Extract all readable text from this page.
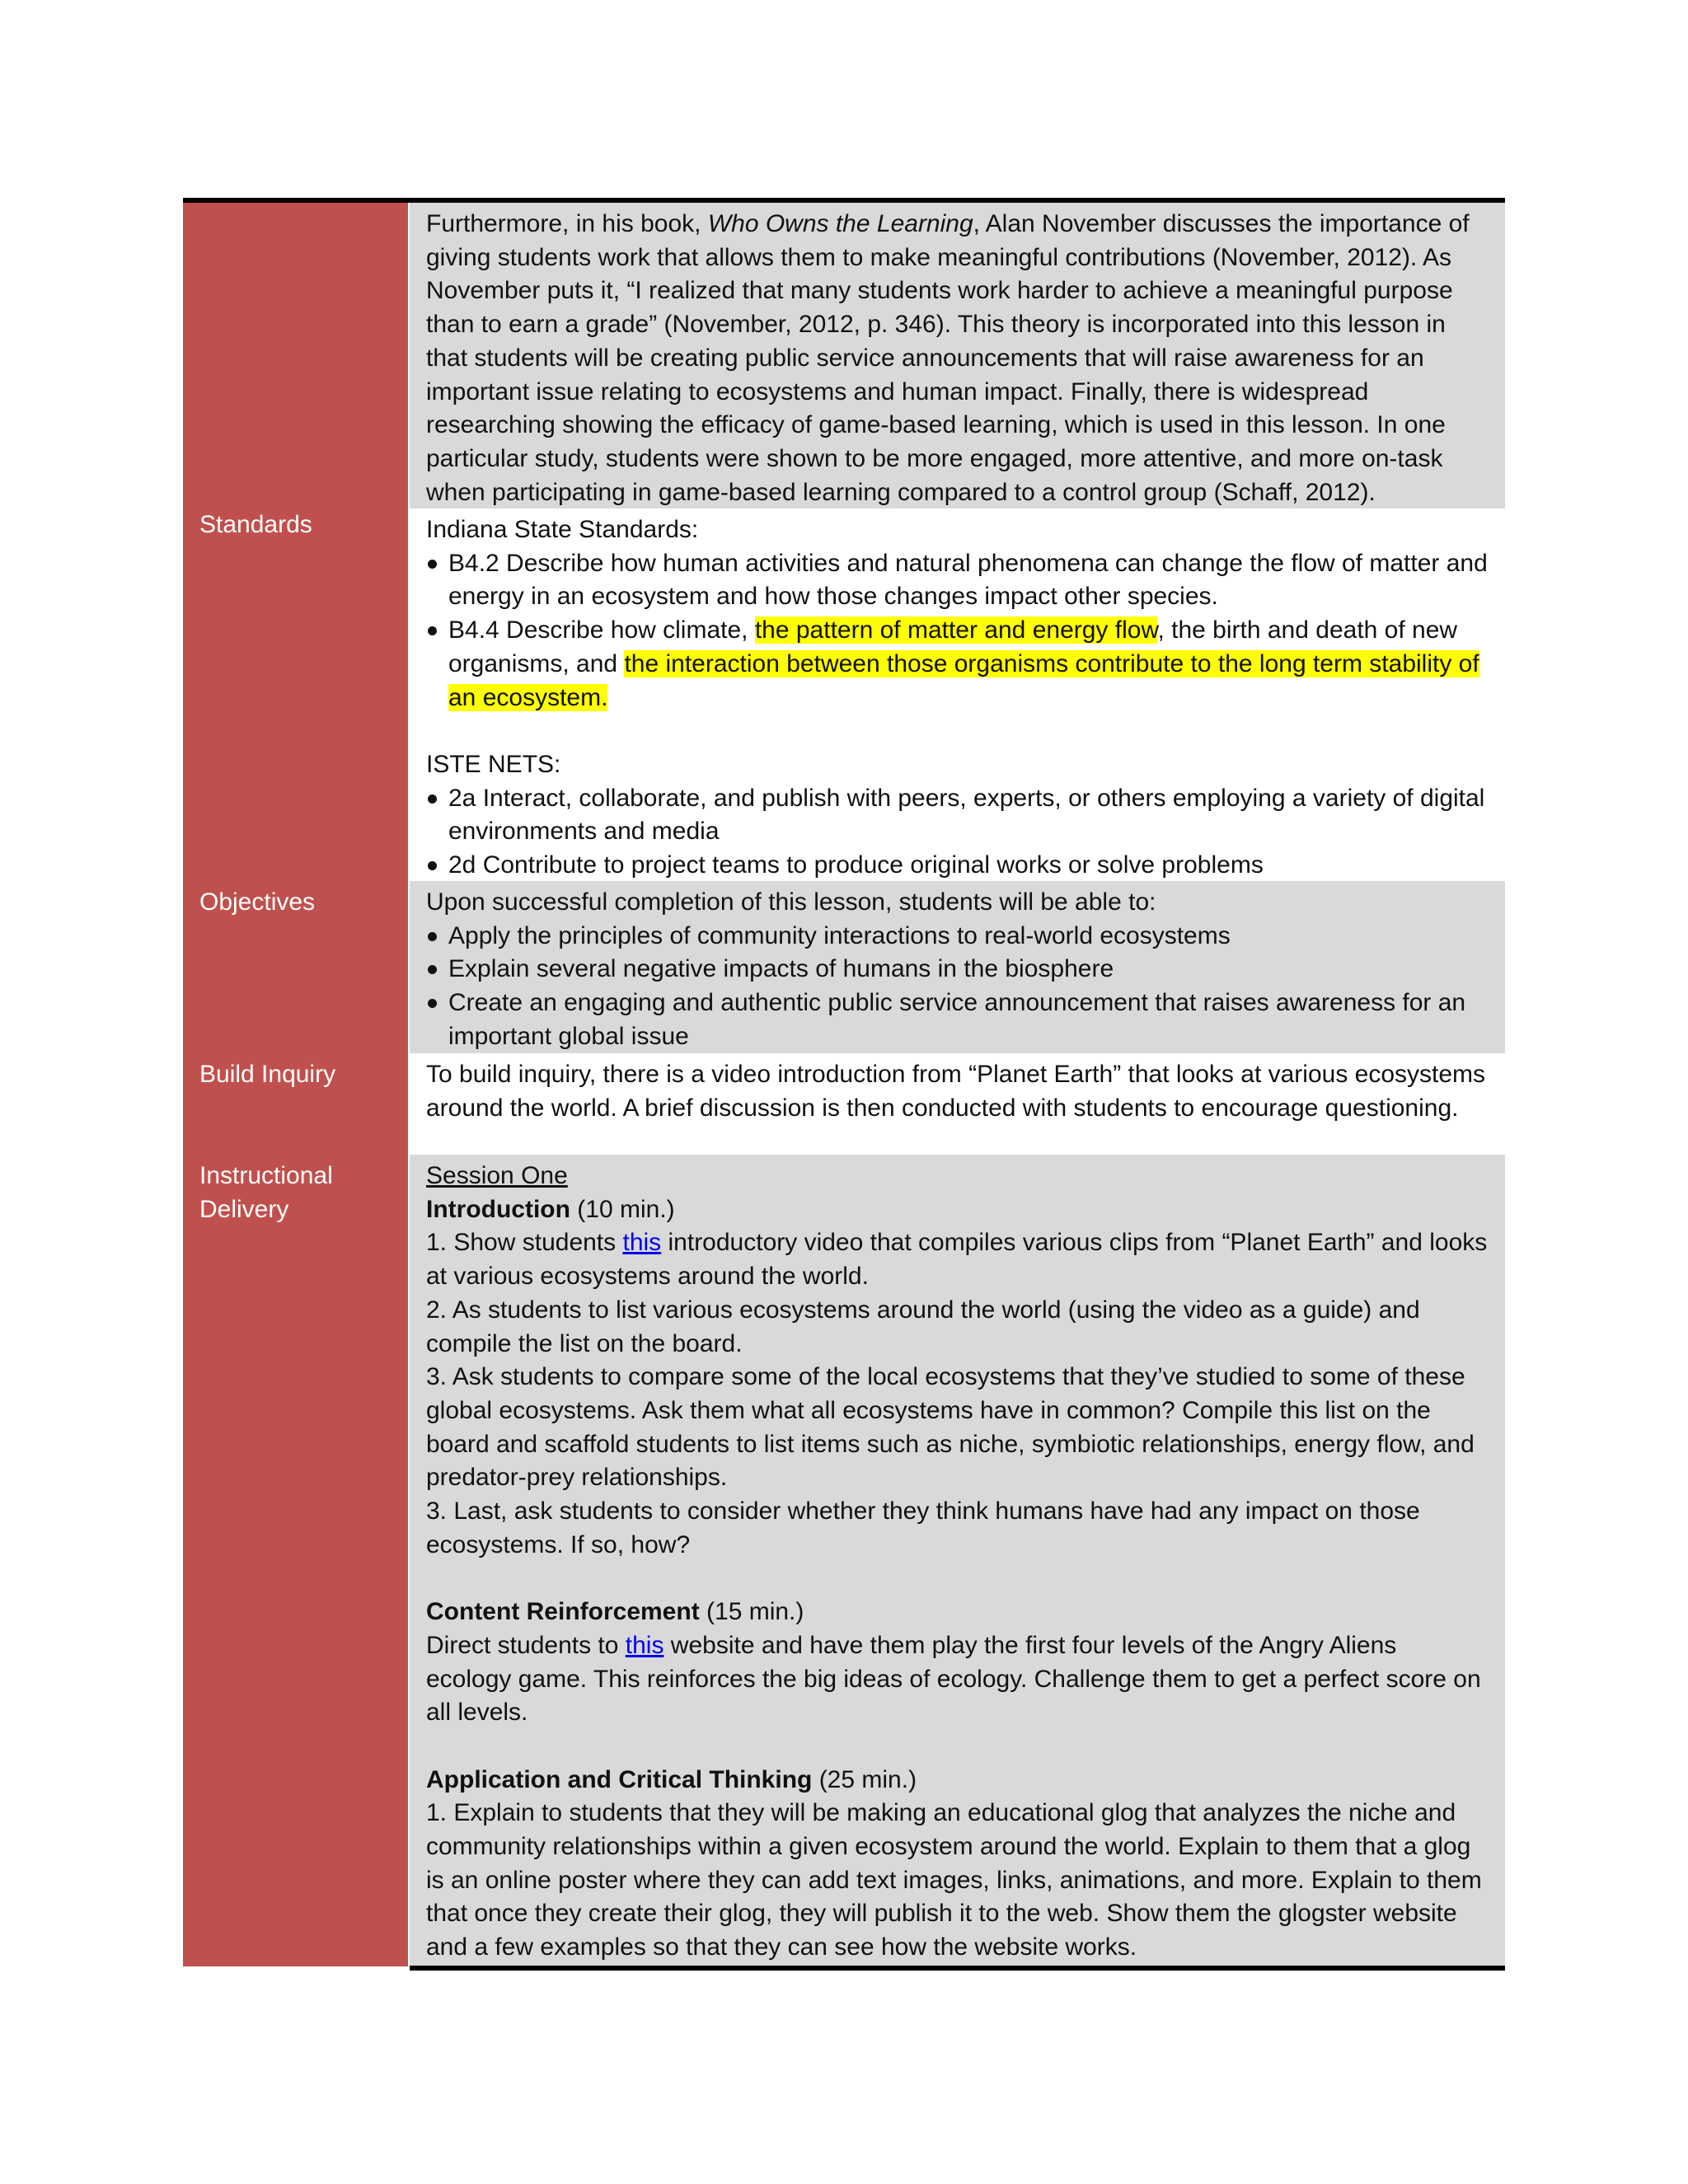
Standards
Objectives
Build Inquiry
Instructional
Delivery

Furthermore, in his book, Who Owns the Learning, Alan November discusses the importance of giving students work that allows them to make meaningful contributions (November, 2012). As November puts it, “I realized that many students work harder to achieve a meaningful purpose than to earn a grade” (November, 2012, p. 346). This theory is incorporated into this lesson in that students will be creating public service announcements that will raise awareness for an important issue relating to ecosystems and human impact. Finally, there is widespread researching showing the efficacy of game-based learning, which is used in this lesson. In one particular study, students were shown to be more engaged, more attentive, and more on-task when participating in game-based learning compared to a control group (Schaff, 2012).

Indiana State Standards:

B4.2 Describe how human activities and natural phenomena can change the flow of matter and energy in an ecosystem and how those changes impact other species.
B4.4 Describe how climate, the pattern of matter and energy flow, the birth and death of new organisms, and the interaction between those organisms contribute to the long term stability of an ecosystem.

ISTE NETS:

2a Interact, collaborate, and publish with peers, experts, or others employing a variety of digital environments and media
2d Contribute to project teams to produce original works or solve problems

Upon successful completion of this lesson, students will be able to:

Apply the principles of community interactions to real-world ecosystems
Explain several negative impacts of humans in the biosphere
Create an engaging and authentic public service announcement that raises awareness for an important global issue

To build inquiry, there is a video introduction from “Planet Earth” that looks at various ecosystems around the world. A brief discussion is then conducted with students to encourage questioning.

Session One

Introduction (10 min.)

1. Show students this introductory video that compiles various clips from “Planet Earth” and looks at various ecosystems around the world.

2. As students to list various ecosystems around the world (using the video as a guide) and compile the list on the board.

3. Ask students to compare some of the local ecosystems that they’ve studied to some of these global ecosystems. Ask them what all ecosystems have in common? Compile this list on the board and scaffold students to list items such as niche, symbiotic relationships, energy flow, and predator-prey relationships.

3. Last, ask students to consider whether they think humans have had any impact on those ecosystems. If so, how?

Content Reinforcement (15 min.)

Direct students to this website and have them play the first four levels of the Angry Aliens ecology game. This reinforces the big ideas of ecology. Challenge them to get a perfect score on all levels.

Application and Critical Thinking (25 min.)

1. Explain to students that they will be making an educational glog that analyzes the niche and community relationships within a given ecosystem around the world. Explain to them that a glog is an online poster where they can add text images, links, animations, and more. Explain to them that once they create their glog, they will publish it to the web. Show them the glogster website and a few examples so that they can see how the website works.
